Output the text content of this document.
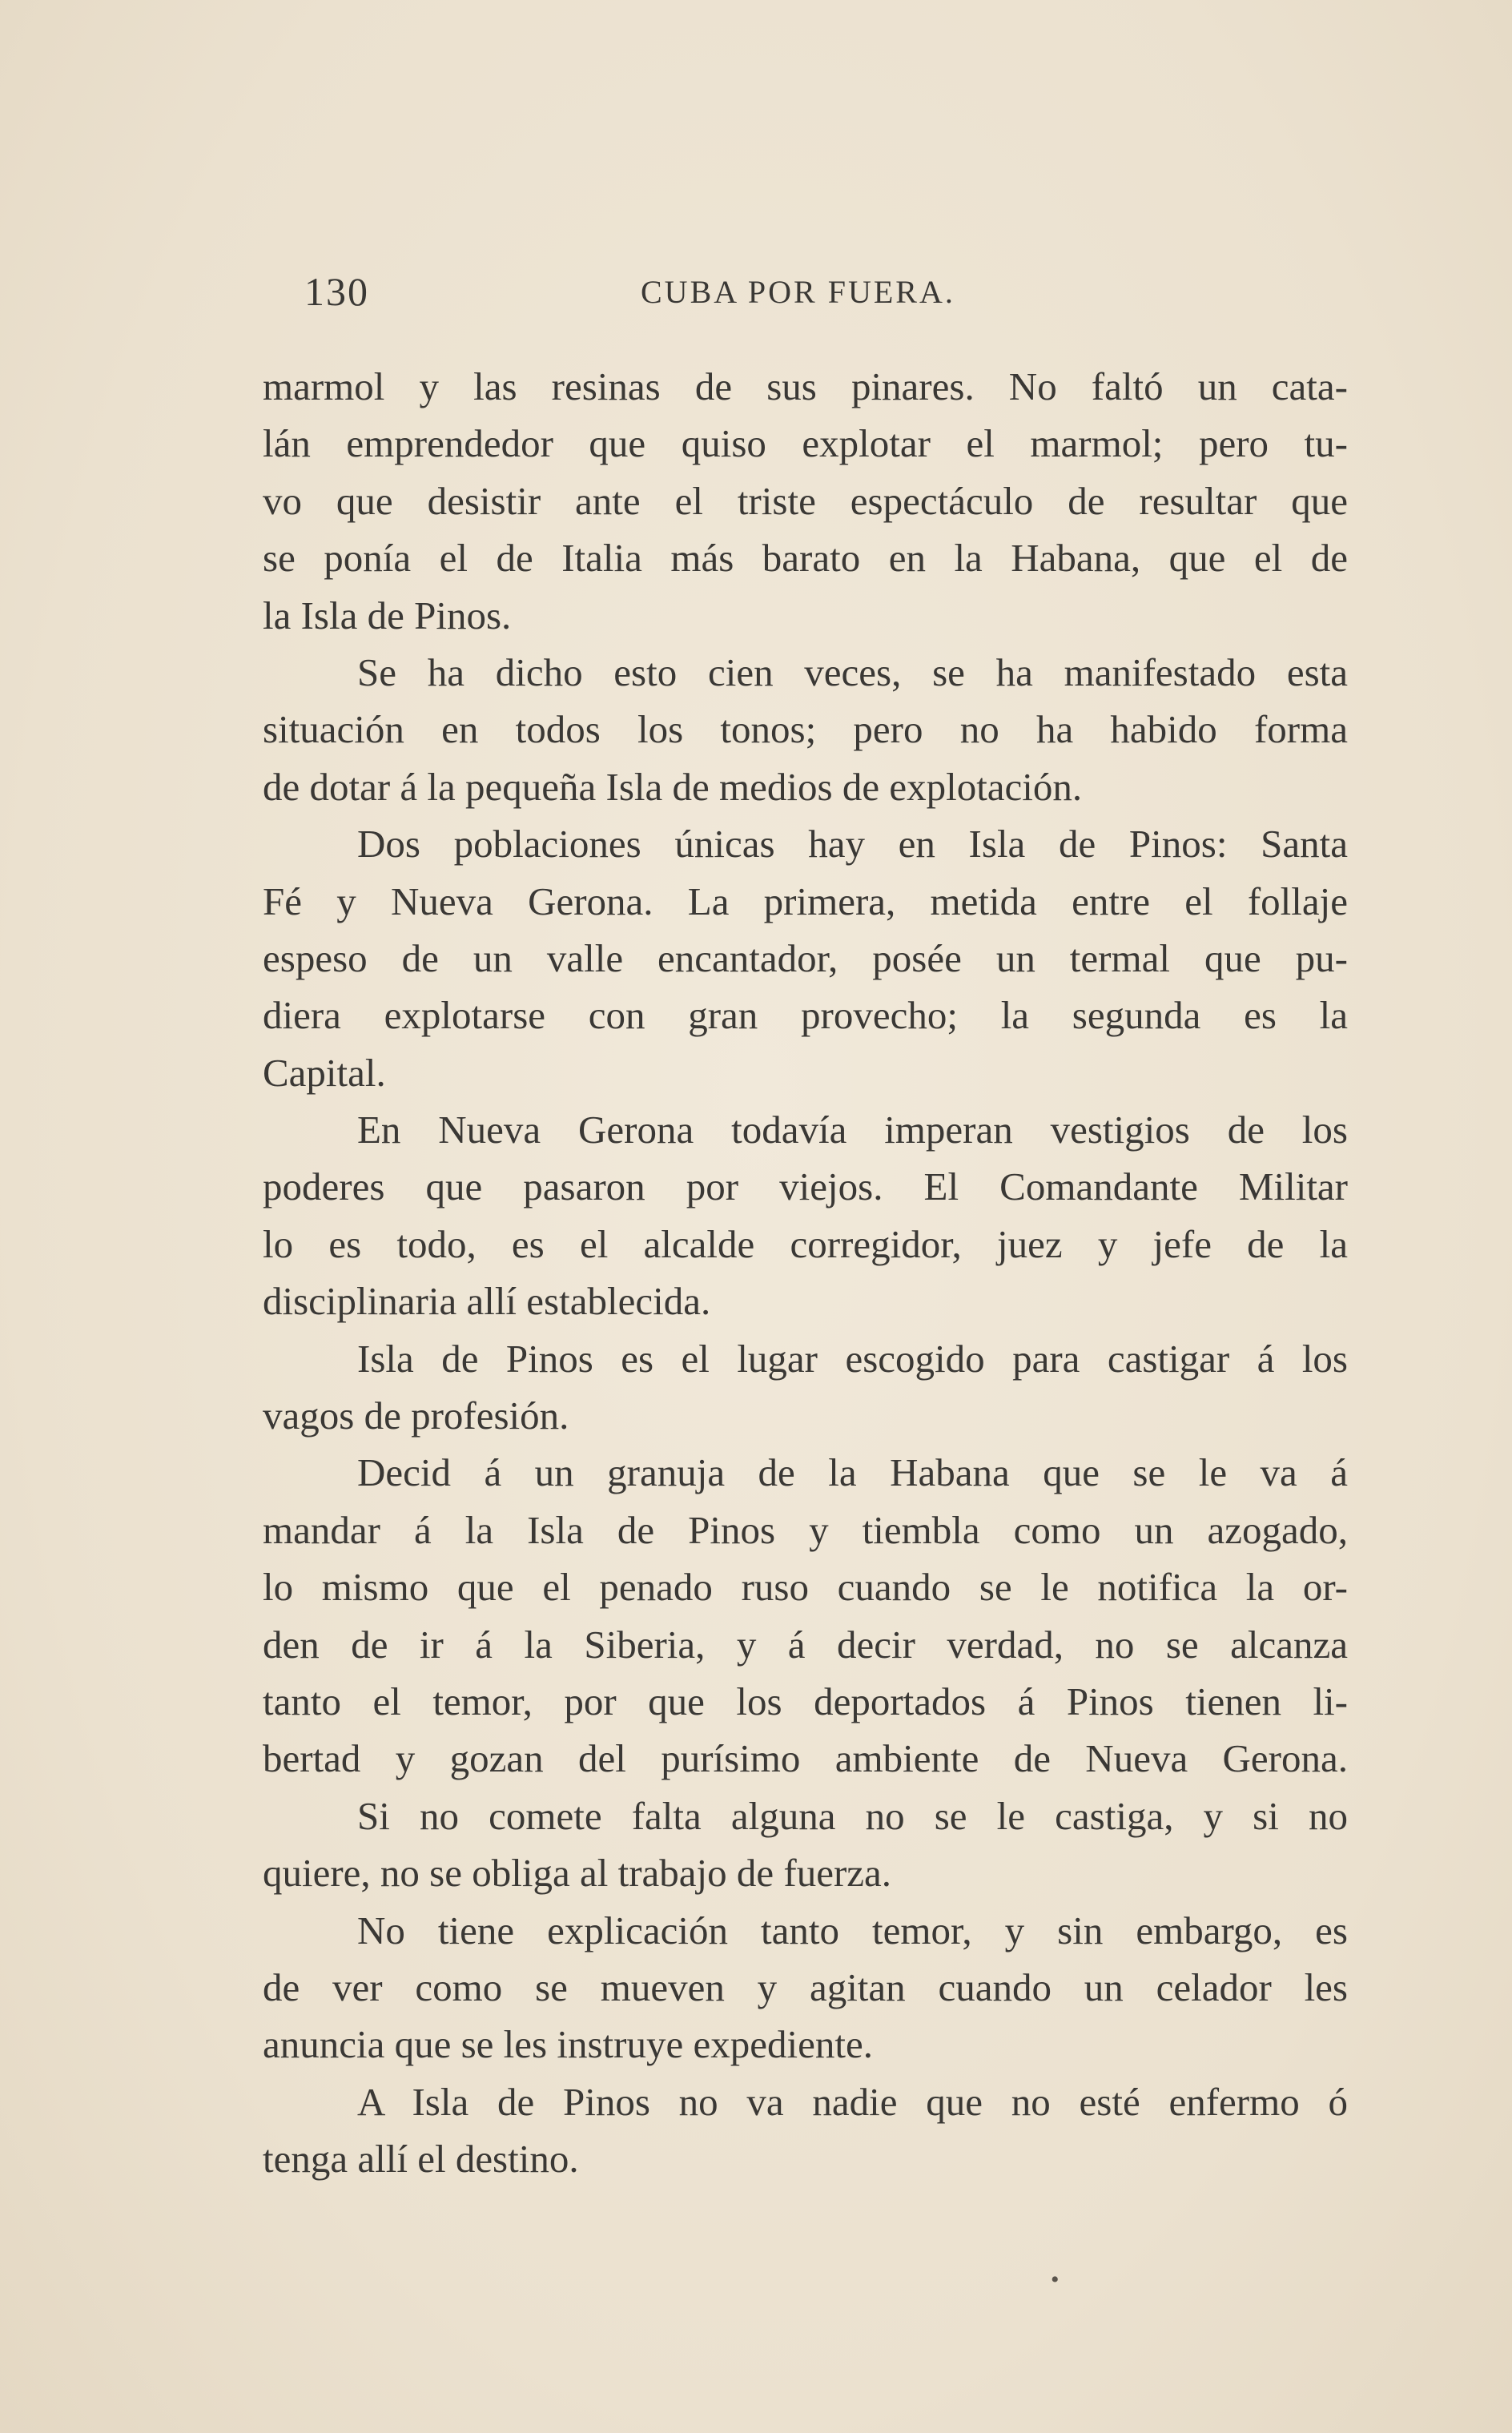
130	CUBA POR FUERA.
marmol y las resinas de sus pinares. No faltó un cata-
lán emprendedor que quiso explotar el marmol; pero tu-
vo que desistir ante el triste espectáculo de resultar que
se ponía el de Italia más barato en la Habana, que el de
la Isla de Pinos.
Se ha dicho esto cien veces, se ha manifestado esta
situación en todos los tonos; pero no ha habido forma
de dotar á la pequeña Isla de medios de explotación.
Dos poblaciones únicas hay en Isla de Pinos: Santa
Fé y Nueva Gerona. La primera, metida entre el follaje
espeso de un valle encantador, posée un termal que pu-
diera explotarse con gran provecho; la segunda es la
Capital.
En Nueva Gerona todavía imperan vestigios de los
poderes que pasaron por viejos. El Comandante Militar
lo es todo, es el alcalde corregidor, juez y jefe de la
disciplinaria allí establecida.
Isla de Pinos es el lugar escogido para castigar á los
vagos de profesión.
Decid á un granuja de la Habana que se le va á
mandar á la Isla de Pinos y tiembla como un azogado,
lo mismo que el penado ruso cuando se le notifica la or-
den de ir á la Siberia, y á decir verdad, no se alcanza
tanto el temor, por que los deportados á Pinos tienen li-
bertad y gozan del purísimo ambiente de Nueva Gerona.
Si no comete falta alguna no se le castiga, y si no
quiere, no se obliga al trabajo de fuerza.
No tiene explicación tanto temor, y sin embargo, es
de ver como se mueven y agitan cuando un celador les
anuncia que se les instruye expediente.
A Isla de Pinos no va nadie que no esté enfermo ó
tenga allí el destino.
•
